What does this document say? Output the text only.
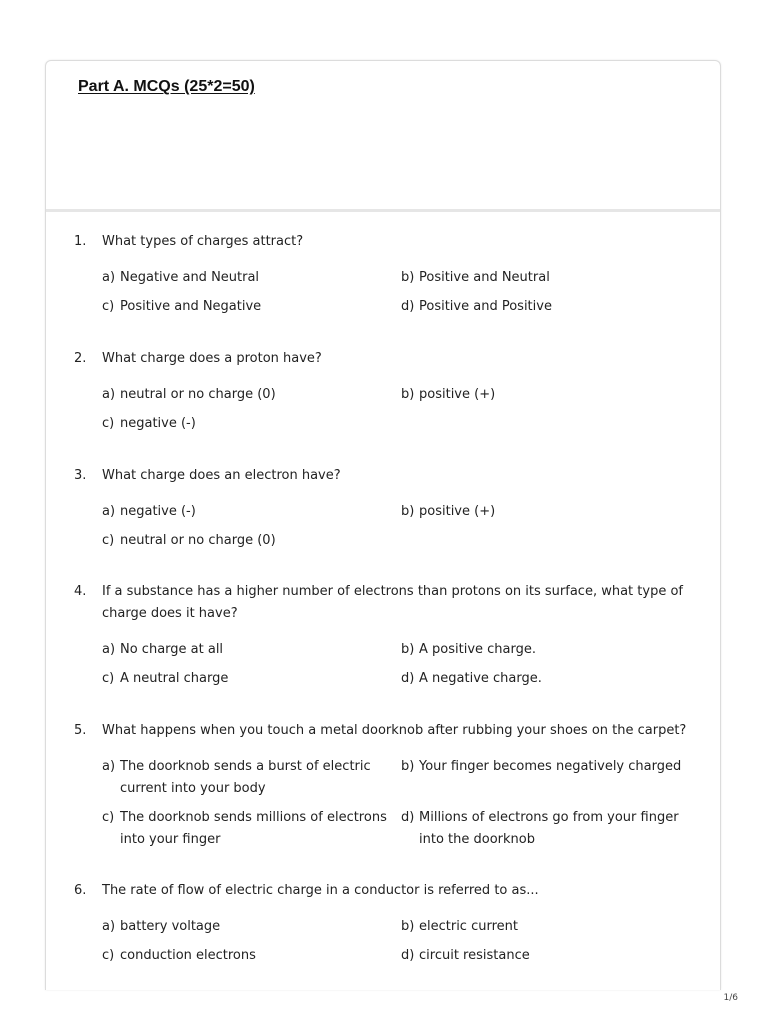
Part A. MCQs (25*2=50)
1.	What types of charges attract?
a) Negative and Neutral	b) Positive and Neutral
c) Positive and Negative	d) Positive and Positive
2.	What charge does a proton have?
a) neutral or no charge (0)	b) positive (+)
c) negative (-)
3.	What charge does an electron have?
a) negative (-)	b) positive (+)
c) neutral or no charge (0)
4.	If a substance has a higher number of electrons than protons on its surface, what type of charge does it have?
a) No charge at all	b) A positive charge.
c) A neutral charge	d) A negative charge.
5.	What happens when you touch a metal doorknob after rubbing your shoes on the carpet?
a) The doorknob sends a burst of electric current into your body
b) Your finger becomes negatively charged
c) The doorknob sends millions of electrons into your finger
d) Millions of electrons go from your finger into the doorknob
6.	The rate of flow of electric charge in a conductor is referred to as...
a) battery voltage	b) electric current
c) conduction electrons	d) circuit resistance
1/6
